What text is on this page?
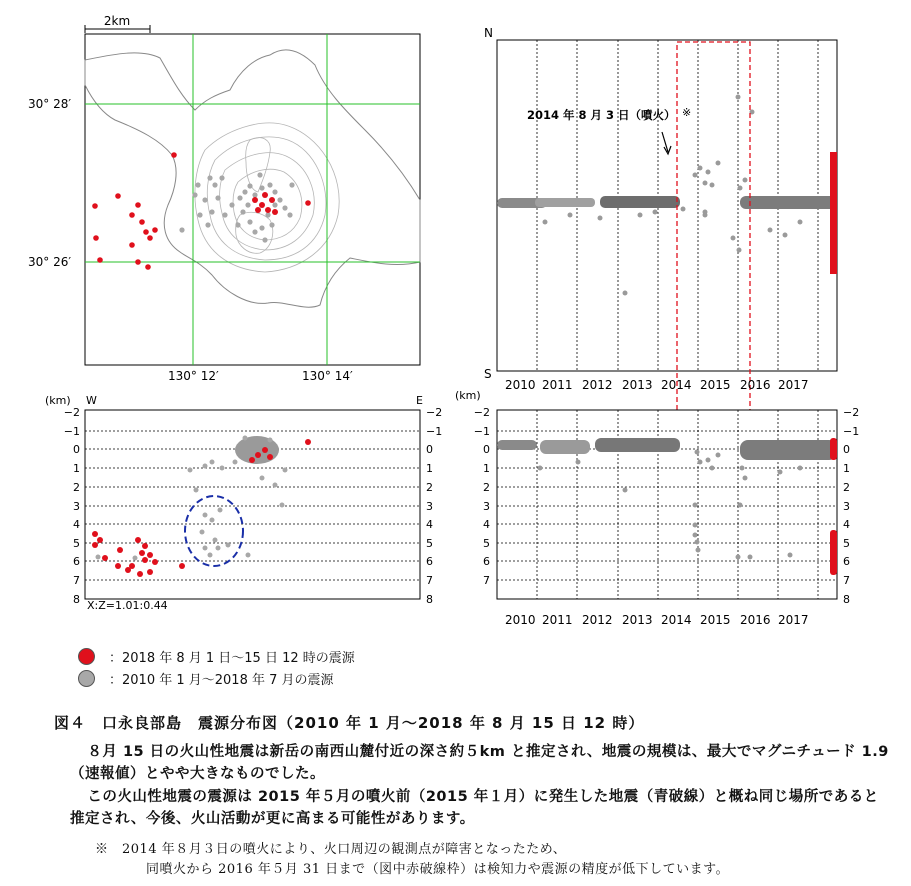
2km
30° 28′
30° 26′
130° 12′	130° 14′
N
S
2014 年 8 月 3 日（噴火） ※
2010 2011 2012 2013 2014 2015 2016 2017
(km) W	E
−2
−1
0
1
2
3
4
5
6
7
8
−2
−1
0
1
2
3
4
5
6
7
8
X:Z=1.01:0.44
(km)
−2
−1
0
1
2
3
4
5
6
7
−2
−1
0
1
2
3
4
5
6
7
8
2010 2011 2012 2013 2014 2015 2016 2017
：2018 年 8 月 1 日～15 日 12 時の震源
：2010 年 1 月～2018 年 7 月の震源
図４　口永良部島　震源分布図（2010 年 1 月～2018 年 8 月 15 日 12 時）
８月 15 日の火山性地震は新岳の南西山麓付近の深さ約５km と推定され、地震の規模は、最大でマグニチュード 1.9（速報値）とやや大きなものでした。
この火山性地震の震源は 2015 年５月の噴火前（2015 年１月）に発生した地震（青破線）と概ね同じ場所であると推定され、今後、火山活動が更に高まる可能性があります。
※　2014 年８月３日の噴火により、火口周辺の観測点が障害となったため、
同噴火から 2016 年５月 31 日まで（図中赤破線枠）は検知力や震源の精度が低下しています。
